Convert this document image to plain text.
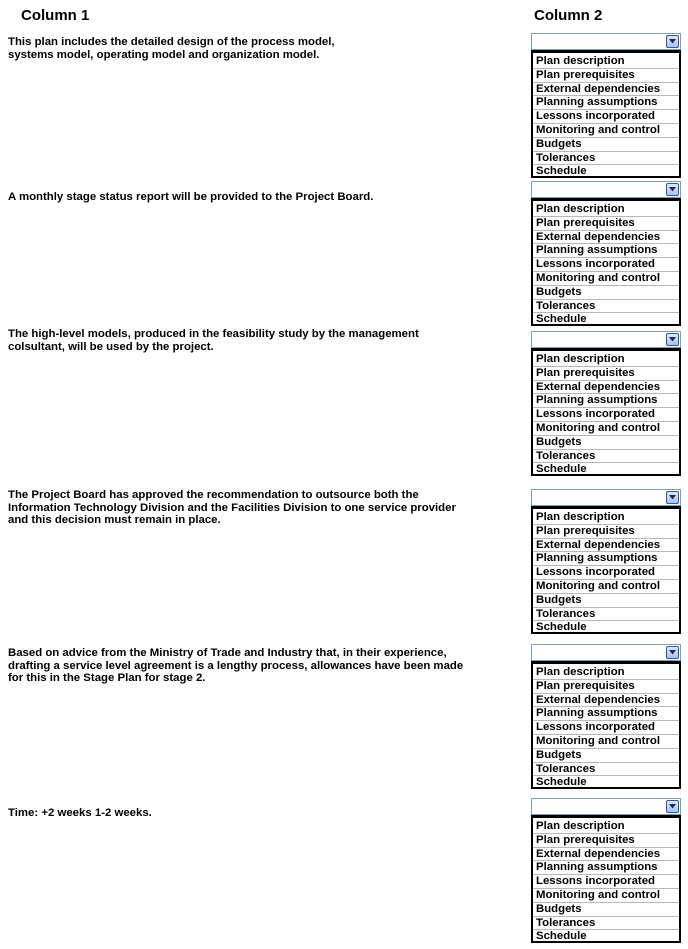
Column 1	Column 2
This plan includes the detailed design of the process model,
systems model, operating model and organization model.
Plan description
Plan prerequisites
External dependencies
Planning assumptions
Lessons incorporated
Monitoring and control
Budgets
Tolerances
Schedule
A monthly stage status report will be provided to the Project Board.
Plan description
Plan prerequisites
External dependencies
Planning assumptions
Lessons incorporated
Monitoring and control
Budgets
Tolerances
Schedule
The high-level models, produced in the feasibility study by the management
colsultant, will be used by the project.
Plan description
Plan prerequisites
External dependencies
Planning assumptions
Lessons incorporated
Monitoring and control
Budgets
Tolerances
Schedule
The Project Board has approved the recommendation to outsource both the
Information Technology Division and the Facilities Division to one service provider
and this decision must remain in place.	Plan description
Plan prerequisites
External dependencies
Planning assumptions
Lessons incorporated
Monitoring and control
Budgets
Tolerances
Schedule
Based on advice from the Ministry of Trade and Industry that, in their experience,
drafting a service level agreement is a lengthy process, allowances have been made
for this in the Stage Plan for stage 2.
Plan description
Plan prerequisites
External dependencies
Planning assumptions
Lessons incorporated
Monitoring and control
Budgets
Tolerances
Schedule
Time: +2 weeks 1-2 weeks.
Plan description
Plan prerequisites
External dependencies
Planning assumptions
Lessons incorporated
Monitoring and control
Budgets
Tolerances
Schedule
